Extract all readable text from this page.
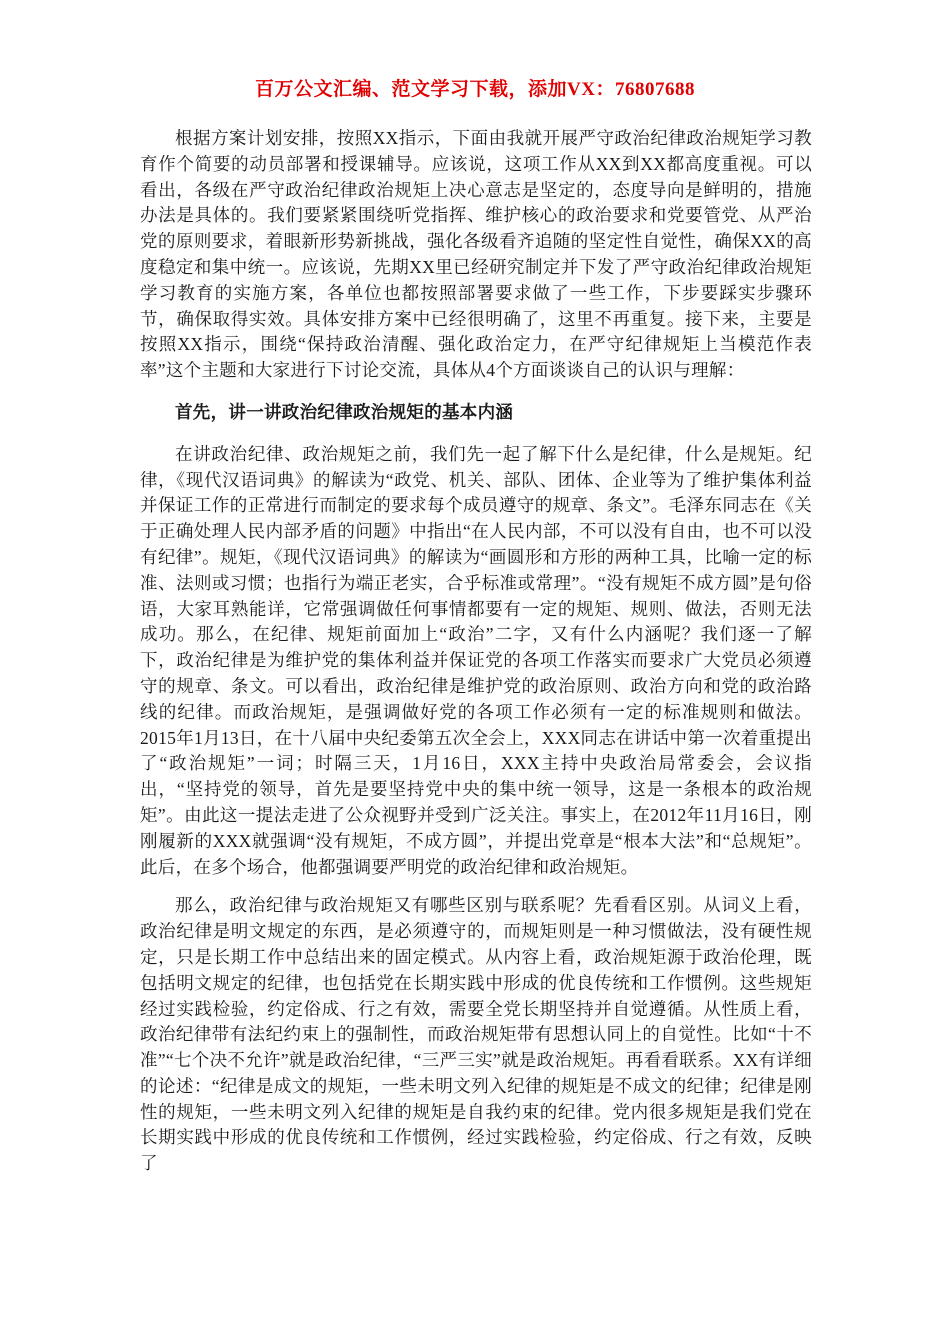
百万公文汇编、范文学习下载，添加VX：76807688

根据方案计划安排，按照XX指示，下面由我就开展严守政治纪律政治规矩学习教育作个简要的动员部署和授课辅导。应该说，这项工作从XX到XX都高度重视。可以看出，各级在严守政治纪律政治规矩上决心意志是坚定的，态度导向是鲜明的，措施办法是具体的。我们要紧紧围绕听党指挥、维护核心的政治要求和党要管党、从严治党的原则要求，着眼新形势新挑战，强化各级看齐追随的坚定性自觉性，确保XX的高度稳定和集中统一。应该说，先期XX里已经研究制定并下发了严守政治纪律政治规矩学习教育的实施方案，各单位也都按照部署要求做了一些工作，下步要踩实步骤环节，确保取得实效。具体安排方案中已经很明确了，这里不再重复。接下来，主要是按照XX指示，围绕“保持政治清醒、强化政治定力，在严守纪律规矩上当模范作表率”这个主题和大家进行下讨论交流，具体从4个方面谈谈自己的认识与理解：

首先，讲一讲政治纪律政治规矩的基本内涵

在讲政治纪律、政治规矩之前，我们先一起了解下什么是纪律，什么是规矩。纪律，《现代汉语词典》的解读为“政党、机关、部队、团体、企业等为了维护集体利益并保证工作的正常进行而制定的要求每个成员遵守的规章、条文”。毛泽东同志在《关于正确处理人民内部矛盾的问题》中指出“在人民内部，不可以没有自由，也不可以没有纪律”。规矩，《现代汉语词典》的解读为“画圆形和方形的两种工具，比喻一定的标准、法则或习惯；也指行为端正老实，合乎标准或常理”。“没有规矩不成方圆”是句俗语，大家耳熟能详，它常强调做任何事情都要有一定的规矩、规则、做法，否则无法成功。那么，在纪律、规矩前面加上“政治”二字，又有什么内涵呢？我们逐一了解下，政治纪律是为维护党的集体利益并保证党的各项工作落实而要求广大党员必须遵守的规章、条文。可以看出，政治纪律是维护党的政治原则、政治方向和党的政治路线的纪律。而政治规矩，是强调做好党的各项工作必须有一定的标准规则和做法。2015年1月13日，在十八届中央纪委第五次全会上，XXX同志在讲话中第一次着重提出了“政治规矩”一词；时隔三天，1月16日，XXX主持中央政治局常委会，会议指出，“坚持党的领导，首先是要坚持党中央的集中统一领导，这是一条根本的政治规矩”。由此这一提法走进了公众视野并受到广泛关注。事实上，在2012年11月16日，刚刚履新的XXX就强调“没有规矩，不成方圆”，并提出党章是“根本大法”和“总规矩”。此后，在多个场合，他都强调要严明党的政治纪律和政治规矩。

那么，政治纪律与政治规矩又有哪些区别与联系呢？先看看区别。从词义上看，政治纪律是明文规定的东西，是必须遵守的，而规矩则是一种习惯做法，没有硬性规定，只是长期工作中总结出来的固定模式。从内容上看，政治规矩源于政治伦理，既包括明文规定的纪律，也包括党在长期实践中形成的优良传统和工作惯例。这些规矩经过实践检验，约定俗成、行之有效，需要全党长期坚持并自觉遵循。从性质上看，政治纪律带有法纪约束上的强制性，而政治规矩带有思想认同上的自觉性。比如“十不准”“七个决不允许”就是政治纪律，“三严三实”就是政治规矩。再看看联系。XX有详细的论述：“纪律是成文的规矩，一些未明文列入纪律的规矩是不成文的纪律；纪律是刚性的规矩，一些未明文列入纪律的规矩是自我约束的纪律。党内很多规矩是我们党在长期实践中形成的优良传统和工作惯例，经过实践检验，约定俗成、行之有效，反映了
